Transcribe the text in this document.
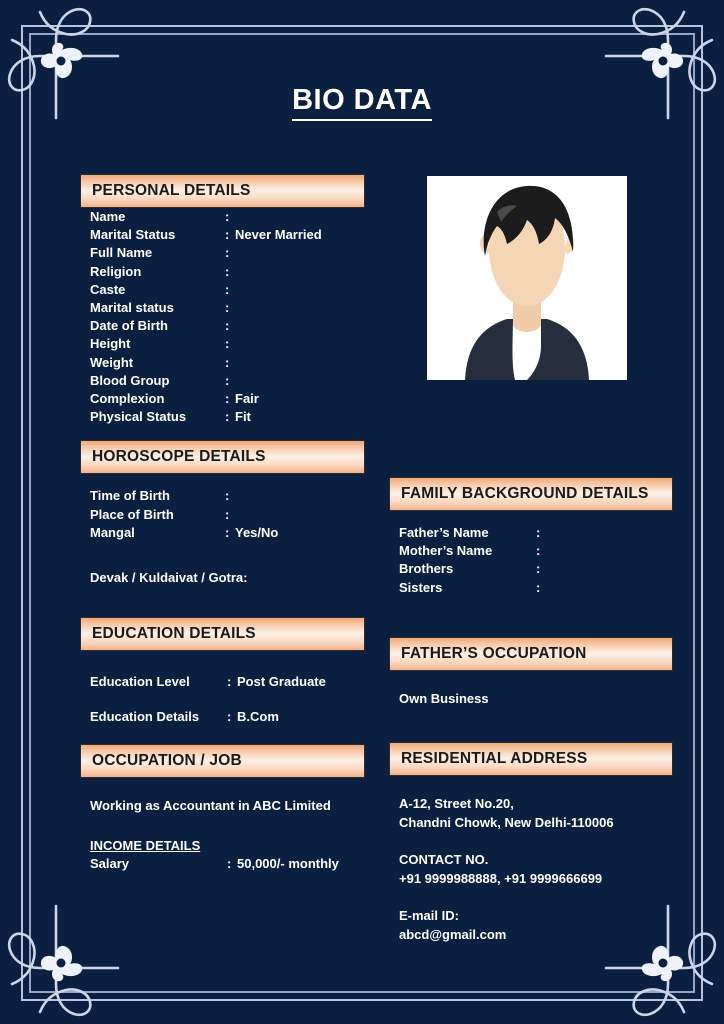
BIO DATA
PERSONAL DETAILS
Name	:
Marital Status	: Never Married
Full Name	:
Religion	:
Caste	:
Marital status	:
Date of Birth	:
Height	:
Weight	:
Blood Group	:
Complexion	: Fair
Physical Status	: Fit
HOROSCOPE DETAILS
Time of Birth	:
Place of Birth	:
Mangal	: Yes/No
Devak / Kuldaivat / Gotra:
EDUCATION DETAILS
Education Level	: Post Graduate
Education Details	: B.Com
OCCUPATION / JOB
Working as Accountant in ABC Limited
INCOME DETAILS
Salary	: 50,000/- monthly
FAMILY BACKGROUND DETAILS
Father’s Name	:
Mother’s Name	:
Brothers	:
Sisters	:
FATHER’S OCCUPATION
Own Business
RESIDENTIAL ADDRESS
A-12, Street No.20,
Chandni Chowk, New Delhi-110006
CONTACT NO.
+91 9999988888, +91 9999666699
E-mail ID:
abcd@gmail.com
